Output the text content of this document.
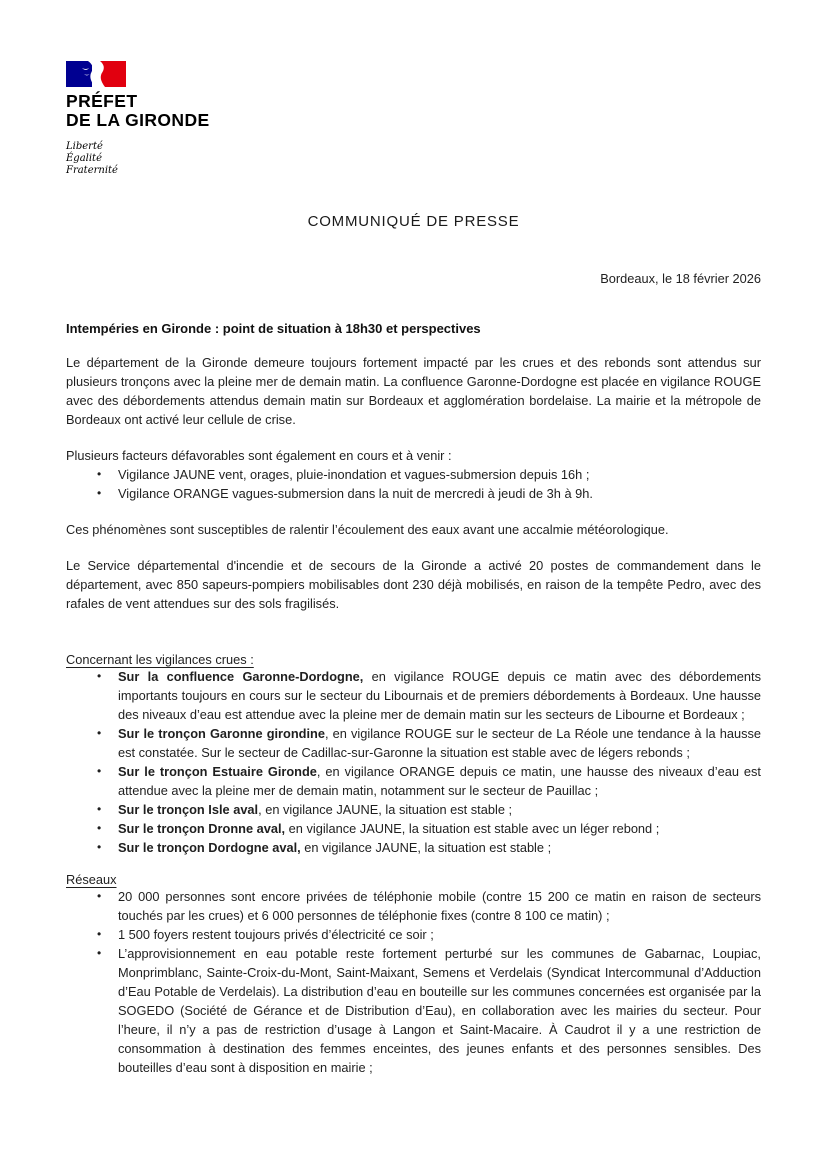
PRÉFET
DE LA GIRONDE
Liberté
Égalité
Fraternité
COMMUNIQUÉ DE PRESSE
Bordeaux, le 18 février 2026
Intempéries en Gironde : point de situation à 18h30 et perspectives
Le département de la Gironde demeure toujours fortement impacté par les crues et des rebonds sont attendus sur plusieurs tronçons avec la pleine mer de demain matin. La confluence Garonne-Dordogne est placée en vigilance ROUGE avec des débordements attendus demain matin sur Bordeaux et agglomération bordelaise. La mairie et la métropole de Bordeaux ont activé leur cellule de crise.
Plusieurs facteurs défavorables sont également en cours et à venir :
• Vigilance JAUNE vent, orages, pluie-inondation et vagues-submersion depuis 16h ;
• Vigilance ORANGE vagues-submersion dans la nuit de mercredi à jeudi de 3h à 9h.
Ces phénomènes sont susceptibles de ralentir l’écoulement des eaux avant une accalmie météorologique.
Le Service départemental d'incendie et de secours de la Gironde a activé 20 postes de commandement dans le département, avec 850 sapeurs-pompiers mobilisables dont 230 déjà mobilisés, en raison de la tempête Pedro, avec des rafales de vent attendues sur des sols fragilisés.
Concernant les vigilances crues :
• Sur la confluence Garonne-Dordogne, en vigilance ROUGE depuis ce matin avec des débordements importants toujours en cours sur le secteur du Libournais et de premiers débordements à Bordeaux. Une hausse des niveaux d’eau est attendue avec la pleine mer de demain matin sur les secteurs de Libourne et Bordeaux ;
• Sur le tronçon Garonne girondine, en vigilance ROUGE sur le secteur de La Réole une tendance à la hausse est constatée. Sur le secteur de Cadillac-sur-Garonne la situation est stable avec de légers rebonds ;
• Sur le tronçon Estuaire Gironde, en vigilance ORANGE depuis ce matin, une hausse des niveaux d’eau est attendue avec la pleine mer de demain matin, notamment sur le secteur de Pauillac ;
• Sur le tronçon Isle aval, en vigilance JAUNE, la situation est stable ;
• Sur le tronçon Dronne aval, en vigilance JAUNE, la situation est stable avec un léger rebond ;
• Sur le tronçon Dordogne aval, en vigilance JAUNE, la situation est stable ;
Réseaux
• 20 000 personnes sont encore privées de téléphonie mobile (contre 15 200 ce matin en raison de secteurs touchés par les crues) et 6 000 personnes de téléphonie fixes (contre 8 100 ce matin) ;
• 1 500 foyers restent toujours privés d’électricité ce soir ;
• L’approvisionnement en eau potable reste fortement perturbé sur les communes de Gabarnac, Loupiac, Monprimblanc, Sainte-Croix-du-Mont, Saint-Maixant, Semens et Verdelais (Syndicat Intercommunal d’Adduction d’Eau Potable de Verdelais). La distribution d’eau en bouteille sur les communes concernées est organisée par la SOGEDO (Société de Gérance et de Distribution d’Eau), en collaboration avec les mairies du secteur. Pour l’heure, il n’y a pas de restriction d’usage à Langon et Saint-Macaire. À Caudrot il y a une restriction de consommation à destination des femmes enceintes, des jeunes enfants et des personnes sensibles. Des bouteilles d’eau sont à disposition en mairie ;
